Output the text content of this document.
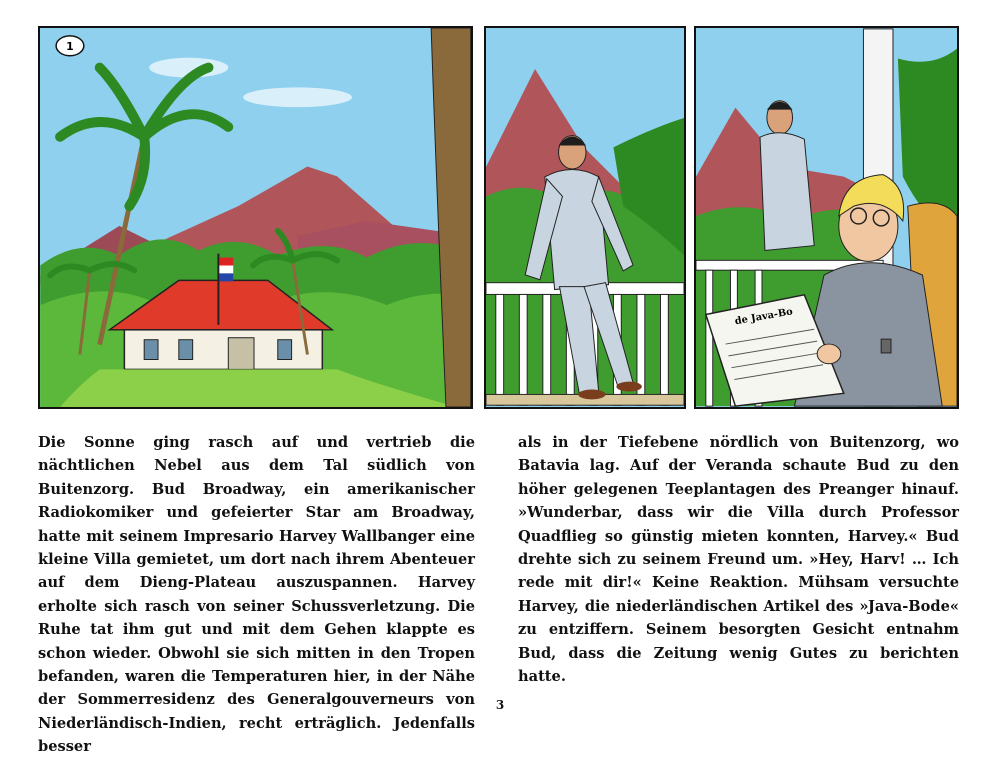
1
de Java-Bo

Die Sonne ging rasch auf und vertrieb die nächtlichen Nebel aus dem Tal südlich von Buitenzorg. Bud Broadway, ein amerikanischer Radiokomiker und gefeierter Star am Broadway, hatte mit seinem Impresario Harvey Wallbanger eine kleine Villa gemietet, um dort nach ihrem Abenteuer auf dem Dieng-Plateau auszuspannen. Harvey erholte sich rasch von seiner Schussverletzung. Die Ruhe tat ihm gut und mit dem Gehen klappte es schon wieder. Obwohl sie sich mitten in den Tropen befanden, waren die Temperaturen hier, in der Nähe der Sommerresidenz des Generalgouverneurs von Niederländisch-Indien, recht erträglich. Jedenfalls besser

als in der Tiefebene nördlich von Buitenzorg, wo Batavia lag. Auf der Veranda schaute Bud zu den höher gelegenen Teeplantagen des Preanger hinauf. »Wunderbar, dass wir die Villa durch Professor Quadflieg so günstig mieten konnten, Harvey.« Bud drehte sich zu seinem Freund um. »Hey, Harv! … Ich rede mit dir!« Keine Reaktion. Mühsam versuchte Harvey, die niederländischen Artikel des »Java-Bode« zu entziffern. Seinem besorgten Gesicht entnahm Bud, dass die Zeitung wenig Gutes zu berichten hatte.

3
